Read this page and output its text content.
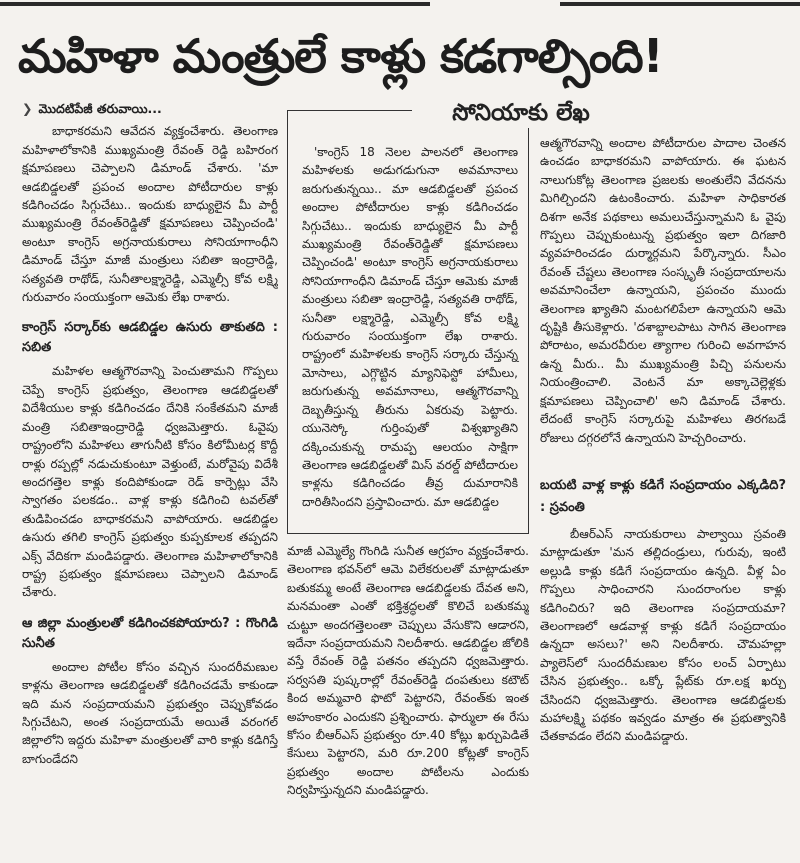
మహిళా మంత్రులే కాళ్లు కడగాల్సింది!
❯ మొదటిపేజీ తరువాయి...

బాధాకరమని ఆవేదన వ్యక్తంచేశారు. తెలంగాణ మహిళాలోకానికి ముఖ్యమంత్రి రేవంత్ రెడ్డి బహిరంగ క్షమాపణలు చెప్పాలని డిమాండ్ చేశారు. 'మా ఆడబిడ్డలతో ప్రపంచ అందాల పోటీదారుల కాళ్లు కడిగించడం సిగ్గుచేటు.. ఇందుకు బాధ్యులైన మీ పార్టీ ముఖ్యమంత్రి రేవంత్‌రెడ్డితో క్షమాపణలు చెప్పించండి' అంటూ కాంగ్రెస్ అగ్రనాయకురాలు సోనియాగాంధీని డిమాండ్ చేస్తూ మాజీ మంత్రులు సబితా ఇంద్రారెడ్డి, సత్యవతి రాథోడ్, సునీతాలక్ష్మారెడ్డి, ఎమ్మెల్సీ కోవ లక్ష్మి గురువారం సంయుక్తంగా ఆమెకు లేఖ రాశారు.

కాంగ్రెస్ సర్కార్‌కు ఆడబిడ్డల ఉసురు తాకుతది : సబిత

మహిళల ఆత్మగౌరవాన్ని పెంచుతామని గొప్పలు చెప్పే కాంగ్రెస్ ప్రభుత్వం, తెలంగాణ ఆడబిడ్డలతో విదేశీయుల కాళ్లు కడిగించడం దేనికి సంకేతమని మాజీ మంత్రి సబితాఇంద్రారెడ్డి ధ్వజమెత్తారు. ఓవైపు రాష్ట్రంలోని మహిళలు తాగునీటి కోసం కిలోమీటర్ల కొద్దీ రాళ్లు రప్పల్లో నడుచుకుంటూ వెళ్తుంటే, మరోవైపు విదేశీ అందగత్తెల కాళ్లు కందిపోకుండా రెడ్ కార్పెట్లు వేసి స్వాగతం పలకడం.. వాళ్ల కాళ్లు కడిగించి టవల్‌తో తుడిపించడం బాధాకరమని వాపోయారు. ఆడబిడ్డల ఉసురు తగిలి కాంగ్రెస్ ప్రభుత్వం కుప్పకూలక తప్పదని ఎక్స్ వేదికగా మండిపడ్డారు. తెలంగాణ మహిళాలోకానికి రాష్ట్ర ప్రభుత్వం క్షమాపణలు చెప్పాలని డిమాండ్ చేశారు.

ఆ జిల్లా మంత్రులతో కడిగించకపోయారు? : గొంగిడి సునీత

అందాల పోటీల కోసం వచ్చిన సుందరీమణుల కాళ్లను తెలంగాణ ఆడబిడ్డలతో కడిగించడమే కాకుండా ఇది మన సంప్రదాయమని ప్రభుత్వం చెప్పుకోవడం సిగ్గుచేటని, అంత సంప్రదాయమే అయితే వరంగల్ జిల్లాలోని ఇద్దరు మహిళా మంత్రులతో వారి కాళ్లు కడిగిస్తే బాగుండేదని

'కాంగ్రెస్ 18 నెలల పాలనలో తెలంగాణ మహిళలకు అడుగడుగునా అవమానాలు జరుగుతున్నయి.. మా ఆడబిడ్డలతో ప్రపంచ అందాల పోటీదారుల కాళ్లు కడిగించడం సిగ్గుచేటు.. ఇందుకు బాధ్యులైన మీ పార్టీ ముఖ్యమంత్రి రేవంత్‌రెడ్డితో క్షమాపణలు చెప్పించండి' అంటూ కాంగ్రెస్ అగ్రనాయకురాలు సోనియాగాంధీని డిమాండ్ చేస్తూ ఆమెకు మాజీ మంత్రులు సబితా ఇంద్రారెడ్డి, సత్యవతి రాథోడ్, సునీతా లక్ష్మారెడ్డి, ఎమ్మెల్సీ కోవ లక్ష్మి గురువారం సంయుక్తంగా లేఖ రాశారు. రాష్ట్రంలో మహిళలకు కాంగ్రెస్ సర్కారు చేస్తున్న మోసాలు, ఎగ్గొట్టిన మ్యానిఫెస్టో హామీలు, జరుగుతున్న అవమానాలు, ఆత్మగౌరవాన్ని దెబ్బతీస్తున్న తీరును ఏకరువు పెట్టారు. యునెస్కో గుర్తింపుతో విశ్వఖ్యాతిని దక్కించుకున్న రామప్ప ఆలయం సాక్షిగా తెలంగాణ ఆడబిడ్డలతో మిస్ వరల్డ్ పోటీదారుల కాళ్లను కడిగించడం తీవ్ర దుమారానికి దారితీసిందని ప్రస్తావించారు. మా ఆడబిడ్డల

సోనియాకు లేఖ

మాజీ ఎమ్మెల్యే గొంగిడి సునీత ఆగ్రహం వ్యక్తంచేశారు. తెలంగాణ భవన్‌లో ఆమె విలేకరులతో మాట్లాడుతూ బతుకమ్మ అంటే తెలంగాణ ఆడబిడ్డలకు దేవత అని, మనమంతా ఎంతో భక్తిశ్రద్ధలతో కొలిచే బతుకమ్మ చుట్టూ అందగత్తెలంతా చెప్పులు వేసుకొని ఆడారని, ఇదేనా సంప్రదాయమని నిలదీశారు. ఆడబిడ్డల జోలికి వస్తే రేవంత్ రెడ్డి పతనం తప్పదని ధ్వజమెత్తారు. సర్వసతి పుష్కరాల్లో రేవంత్‌రెడ్డి దంపతులు కటౌట్ కింద అమ్మవారి ఫొటో పెట్టారని, రేవంత్‌కు ఇంత అహంకారం ఎందుకని ప్రశ్నించారు. ఫార్ములా ఈ రేసు కోసం బీఆర్‌ఎస్ ప్రభుత్వం రూ.40 కోట్లు ఖర్చుపెడితే కేసులు పెట్టారని, మరి రూ.200 కోట్లతో కాంగ్రెస్ ప్రభుత్వం అందాల పోటీలను ఎందుకు నిర్వహిస్తున్నదని మండిపడ్డారు.

ఆత్మగౌరవాన్ని అందాల పోటీదారుల పాదాల చెంతన ఉంచడం బాధాకరమని వాపోయారు. ఈ ఘటన నాలుగుకోట్ల తెలంగాణ ప్రజలకు అంతులేని వేదనను మిగిల్చిందని ఉటంకించారు. మహిళా సాధికారత దిశగా అనేక పథకాలు అమలుచేస్తున్నామని ఓ వైపు గొప్పలు చెప్పుకుంటున్న ప్రభుత్వం ఇలా దిగజారి వ్యవహరించడం దుర్మార్గమని పేర్కొన్నారు. సీఎం రేవంత్ చేష్టలు తెలంగాణ సంస్కృతీ సంప్రదాయాలను అవమానించేలా ఉన్నాయని, ప్రపంచం ముందు తెలంగాణ ఖ్యాతిని మంటగలిపేలా ఉన్నాయని ఆమె దృష్టికి తీసుకెళ్లారు. 'దశాబ్దాలపాటు సాగిన తెలంగాణ పోరాటం, అమరవీరుల త్యాగాల గురించి అవగాహన ఉన్న మీరు.. మీ ముఖ్యమంత్రి పిచ్చి పనులను నియంత్రించాలి. వెంటనే మా అక్కాచెల్లెళ్లకు క్షమాపణలు చెప్పించాలి' అని డిమాండ్ చేశారు. లేదంటే కాంగ్రెస్ సర్కారుపై మహిళలు తిరగబడే రోజులు దగ్గరలోనే ఉన్నాయని హెచ్చరించారు.

బయటి వాళ్ల కాళ్లు కడిగే సంప్రదాయం ఎక్కడిది? : స్రవంతి

బీఆర్‌ఎస్ నాయకురాలు పాల్వాయి స్రవంతి మాట్లాడుతూ 'మన తల్లిదండ్రులు, గురువు, ఇంటి అల్లుడి కాళ్లు కడిగే సంప్రదాయం ఉన్నది. వీళ్ల ఏం గొప్పలు సాధించారని సుందరాంగుల కాళ్లు కడిగించిరు? ఇది తెలంగాణ సంప్రదాయమా? తెలంగాణలో ఆడవాళ్ల కాళ్లు కడిగే సంప్రదాయం ఉన్నదా అసలు?' అని నిలదీశారు. చౌమహల్లా ప్యాలెస్‌లో సుందరీమణుల కోసం లంచ్ ఏర్పాటు చేసిన ప్రభుత్వం.. ఒక్కో ప్లేట్‌కు రూ.లక్ష ఖర్చు చేసిందని ధ్వజమెత్తారు. తెలంగాణ ఆడబిడ్డలకు మహాలక్ష్మి పథకం ఇవ్వడం మాత్రం ఈ ప్రభుత్వానికి చేతకావడం లేదని మండిపడ్డారు.
